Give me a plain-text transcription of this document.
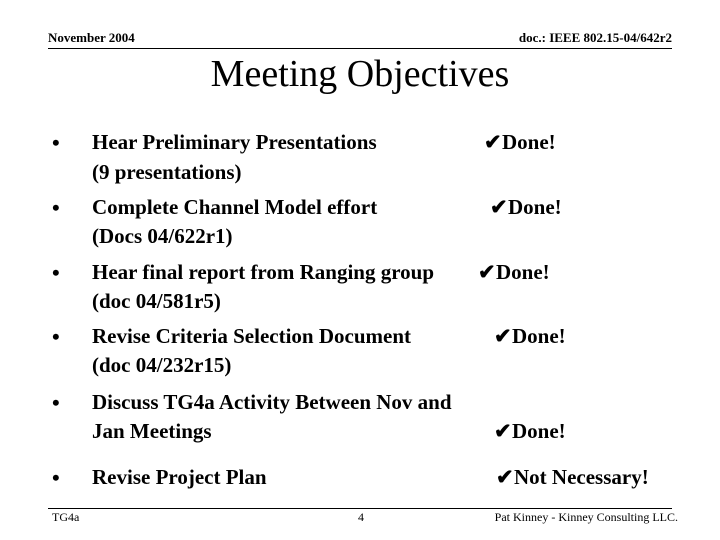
November 2004	doc.: IEEE 802.15-04/642r2
Meeting Objectives
• Hear Preliminary Presentations
(9 presentations)
✔Done!
• Complete Channel Model effort
(Docs 04/622r1)
✔Done!
• Hear final report from Ranging group
(doc 04/581r5)
✔Done!
• Revise Criteria Selection Document
(doc 04/232r15)
✔Done!
• Discuss TG4a Activity Between Nov and
Jan Meetings	✔Done!
• Revise Project Plan	✔Not Necessary!
TG4a	4	Pat Kinney - Kinney Consulting LLC.
